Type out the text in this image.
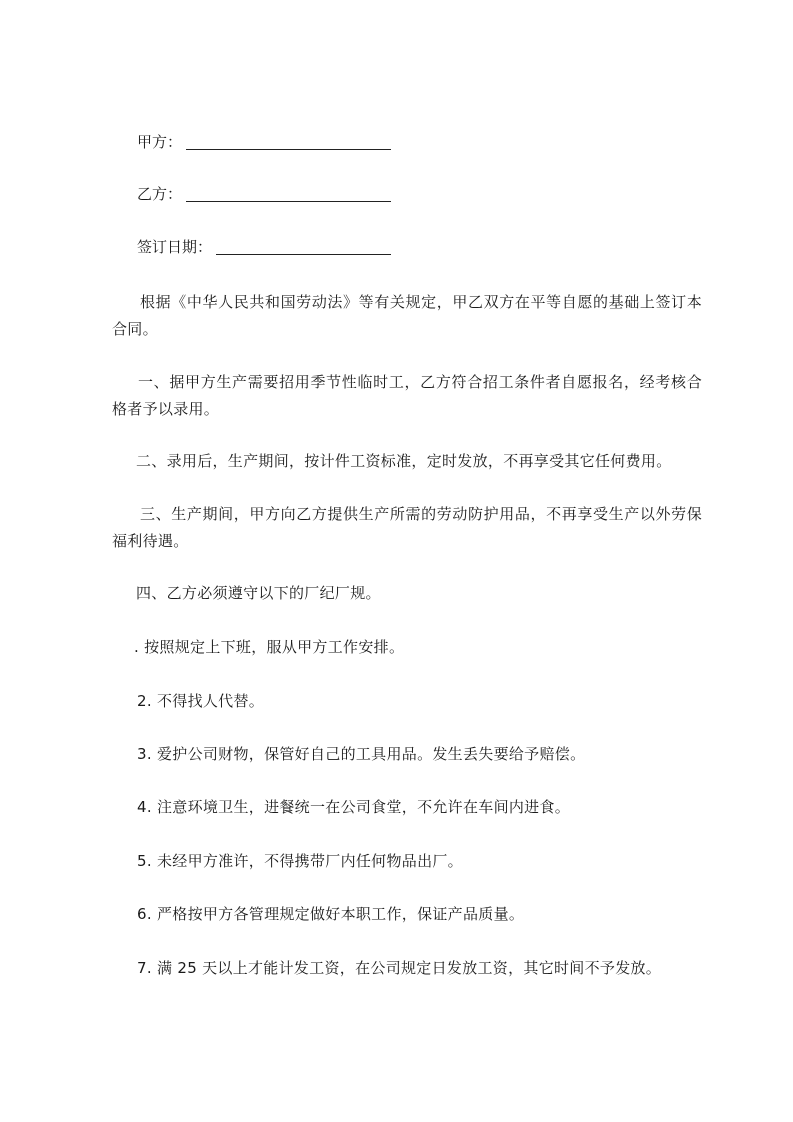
甲方：
乙方：
签订日期：
根据《中华人民共和国劳动法》等有关规定，甲乙双方在平等自愿的基础上签订本合同。
一、据甲方生产需要招用季节性临时工，乙方符合招工条件者自愿报名，经考核合格者予以录用。
二、录用后，生产期间，按计件工资标准，定时发放，不再享受其它任何费用。
三、生产期间，甲方向乙方提供生产所需的劳动防护用品，不再享受生产以外劳保福利待遇。
四、乙方必须遵守以下的厂纪厂规。
. 按照规定上下班，服从甲方工作安排。
2. 不得找人代替。
3. 爱护公司财物，保管好自己的工具用品。发生丢失要给予赔偿。
4. 注意环境卫生，进餐统一在公司食堂，不允许在车间内进食。
5. 未经甲方准许，不得携带厂内任何物品出厂。
6. 严格按甲方各管理规定做好本职工作，保证产品质量。
7. 满 25 天以上才能计发工资，在公司规定日发放工资，其它时间不予发放。
